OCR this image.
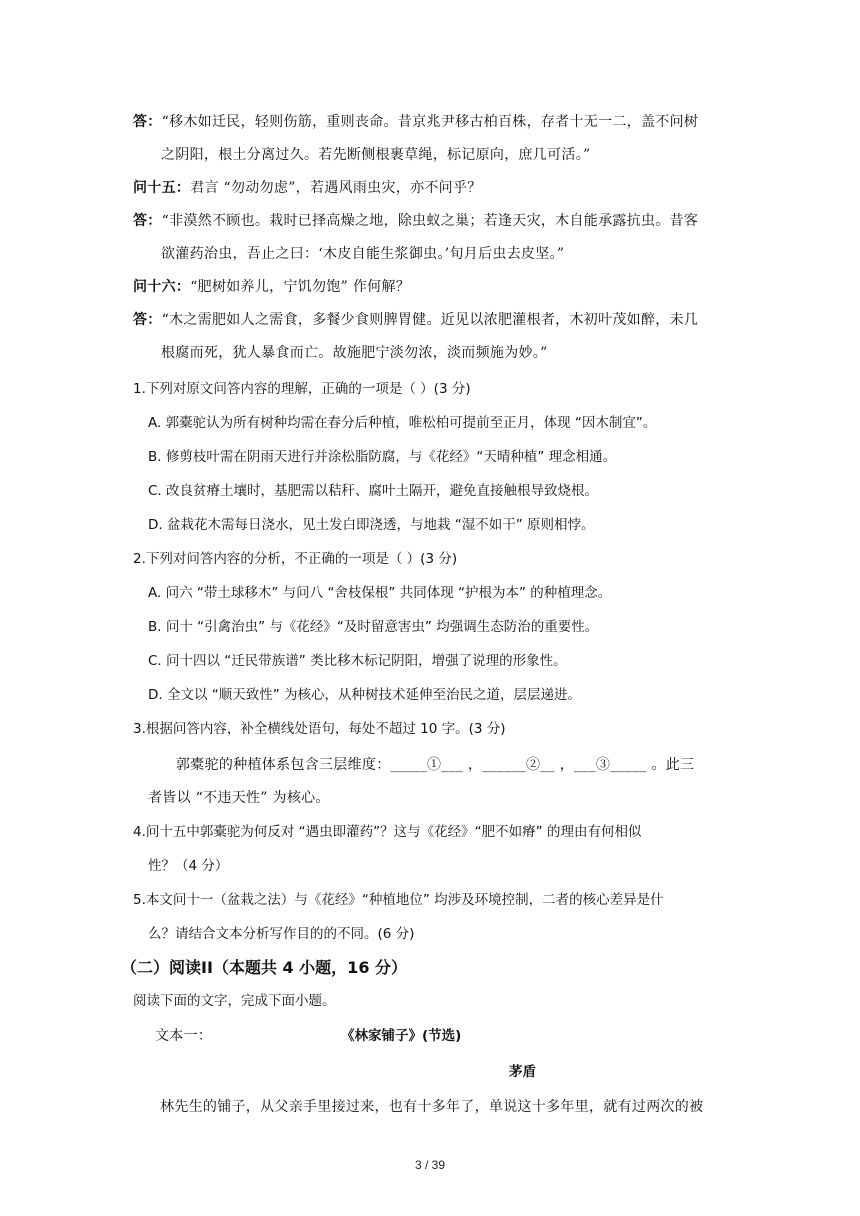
答：“移木如迁民，轻则伤筋，重则丧命。昔京兆尹移古柏百株，存者十无一二，盖不问树
之阴阳，根土分离过久。若先断侧根裹草绳，标记原向，庶几可活。”
问十五：君言 “勿动勿虑”，若遇风雨虫灾，亦不问乎？
答：“非漠然不顾也。栽时已择高燥之地，除虫蚁之巢；若逢天灾，木自能承露抗虫。昔客
欲灌药治虫，吾止之曰：‘木皮自能生浆御虫。’旬月后虫去皮坚。”
问十六：“肥树如养儿，宁饥勿饱” 作何解？
答：“木之需肥如人之需食，多餐少食则脾胃健。近见以浓肥灌根者，木初叶茂如醉，未几
根腐而死，犹人暴食而亡。故施肥宁淡勿浓，淡而频施为妙。”
1.下列对原文问答内容的理解，正确的一项是（ ）(3 分)
A. 郭橐驼认为所有树种均需在春分后种植，唯松柏可提前至正月，体现 “因木制宜”。
B. 修剪枝叶需在阴雨天进行并涂松脂防腐，与《花经》“天晴种植” 理念相通。
C. 改良贫瘠土壤时，基肥需以秸秆、腐叶土隔开，避免直接触根导致烧根。
D. 盆栽花木需每日浇水，见土发白即浇透，与地栽 “湿不如干” 原则相悖。
2.下列对问答内容的分析，不正确的一项是（ ）(3 分)
A. 问六 “带土球移木” 与问八 “舍枝保根” 共同体现 “护根为本” 的种植理念。
B. 问十 “引禽治虫” 与《花经》“及时留意害虫” 均强调生态防治的重要性。
C. 问十四以 “迁民带族谱” 类比移木标记阴阳，增强了说理的形象性。
D. 全文以 “顺天致性” 为核心，从种树技术延伸至治民之道，层层递进。
3.根据问答内容，补全横线处语句，每处不超过 10 字。(3 分)
郭橐驼的种植体系包含三层维度：_____①___ ，______②__ ，___③_____ 。此三
者皆以 “不违天性” 为核心。
4.问十五中郭橐驼为何反对 “遇虫即灌药”？这与《花经》“肥不如瘠” 的理由有何相似
性？（4 分）
5.本文问十一（盆栽之法）与《花经》“种植地位” 均涉及环境控制，二者的核心差异是什
么？请结合文本分析写作目的的不同。(6 分)
（二）阅读II（本题共 4 小题，16 分）
阅读下面的文字，完成下面小题。
文本一：	《林家铺子》(节选)
茅盾
林先生的铺子，从父亲手里接过来，也有十多年了，单说这十多年里，就有过两次的被
3 / 39
